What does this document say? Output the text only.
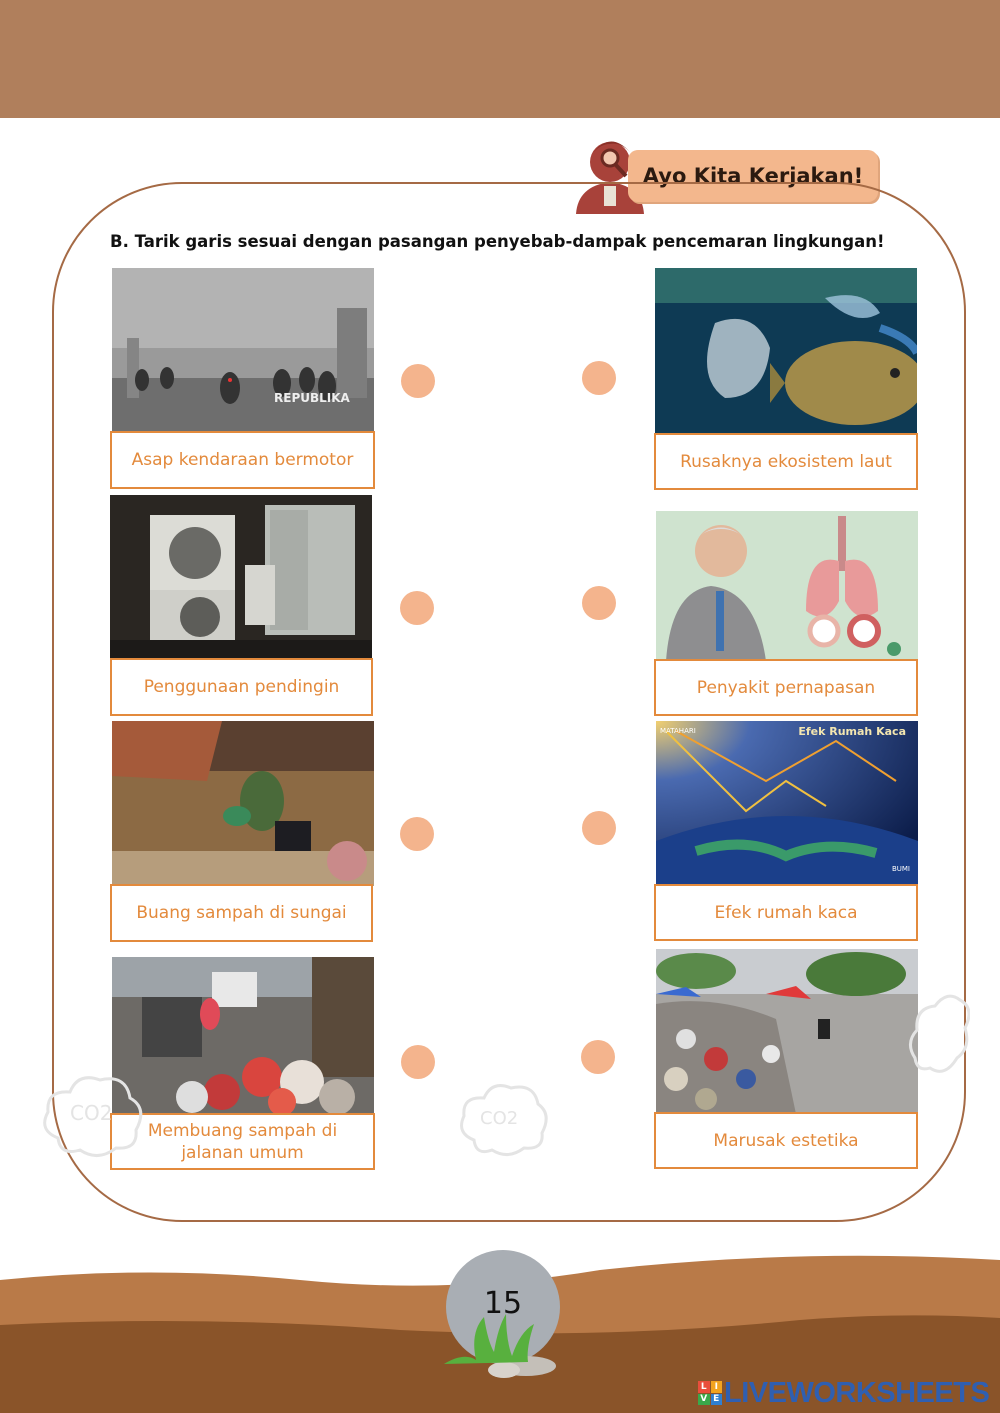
Ayo Kita Kerjakan!
B. Tarik garis sesuai dengan pasangan penyebab-dampak pencemaran lingkungan!
REPUBLIKA
Asap kendaraan bermotor
Penggunaan pendingin
Buang sampah di sungai
Membuang sampah di jalanan umum
Rusaknya ekosistem laut
Penyakit pernapasan
Efek Rumah Kaca
MATAHARI
BUMI
Efek rumah kaca
Marusak estetika
CO2	CO2
15
L I
V E LIVEWORKSHEETS
